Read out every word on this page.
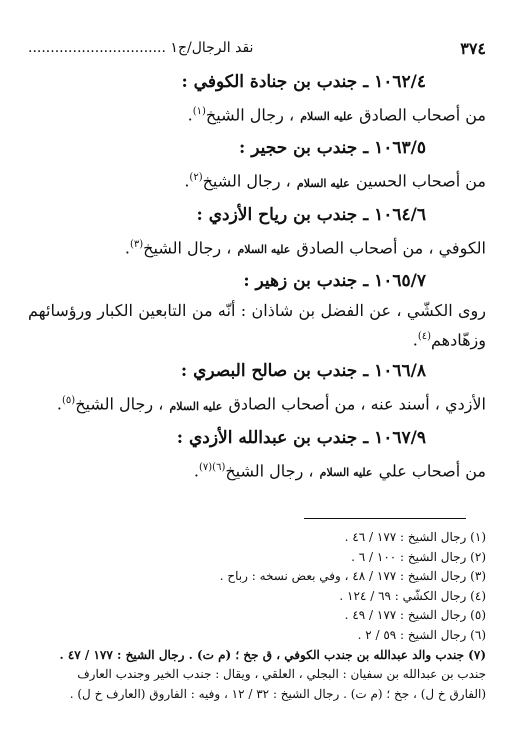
٣٧٤
نقد الرجال/ج١ ...............................
١٠٦٢/٤ ـ جندب بن جنادة الكوفي :
من أصحاب الصادق عليه السلام ، رجال الشيخ$^{(١)}$.
١٠٦٣/٥ ـ جندب بن حجير :
من أصحاب الحسين عليه السلام ، رجال الشيخ$^{(٢)}$.
١٠٦٤/٦ ـ جندب بن رياح الأزدي :
الكوفي ، من أصحاب الصادق عليه السلام ، رجال الشيخ$^{(٣)}$.
١٠٦٥/٧ ـ جندب بن زهير :
روى الكشّي ، عن الفضل بن شاذان : أنّه من التابعين الكبار ورؤسائهم وزهّادهم$^{(٤)}$.
١٠٦٦/٨ ـ جندب بن صالح البصري :
الأزدي ، أسند عنه ، من أصحاب الصادق عليه السلام ، رجال الشيخ$^{(٥)}$.
١٠٦٧/٩ ـ جندب بن عبدالله الأزدي :
من أصحاب علي عليه السلام ، رجال الشيخ$^{(٦)(٧)}$.
(١) رجال الشيخ : ١٧٧ / ٤٦ .
(٢) رجال الشيخ : ١٠٠ / ٦ .
(٣) رجال الشيخ : ١٧٧ / ٤٨ ، وفي بعض نسخه : رباح .
(٤) رجال الكشّي : ٦٩ / ١٢٤ .
(٥) رجال الشيخ : ١٧٧ / ٤٩ .
(٦) رجال الشيخ : ٥٩ / ٢ .
(٧) جندب والد عبدالله بن جندب الكوفي ، ق جخ ؛ (م ت) . رجال الشيخ : ١٧٧ / ٤٧ .
جندب بن عبدالله بن سفيان : البجلي ، العلقي ، ويقال : جندب الخير وجندب العارف
(الفارق خ ل) ، جخ ؛ (م ت) . رجال الشيخ : ٣٢ / ١٢ ، وفيه : الفاروق (العارف خ ل) .
